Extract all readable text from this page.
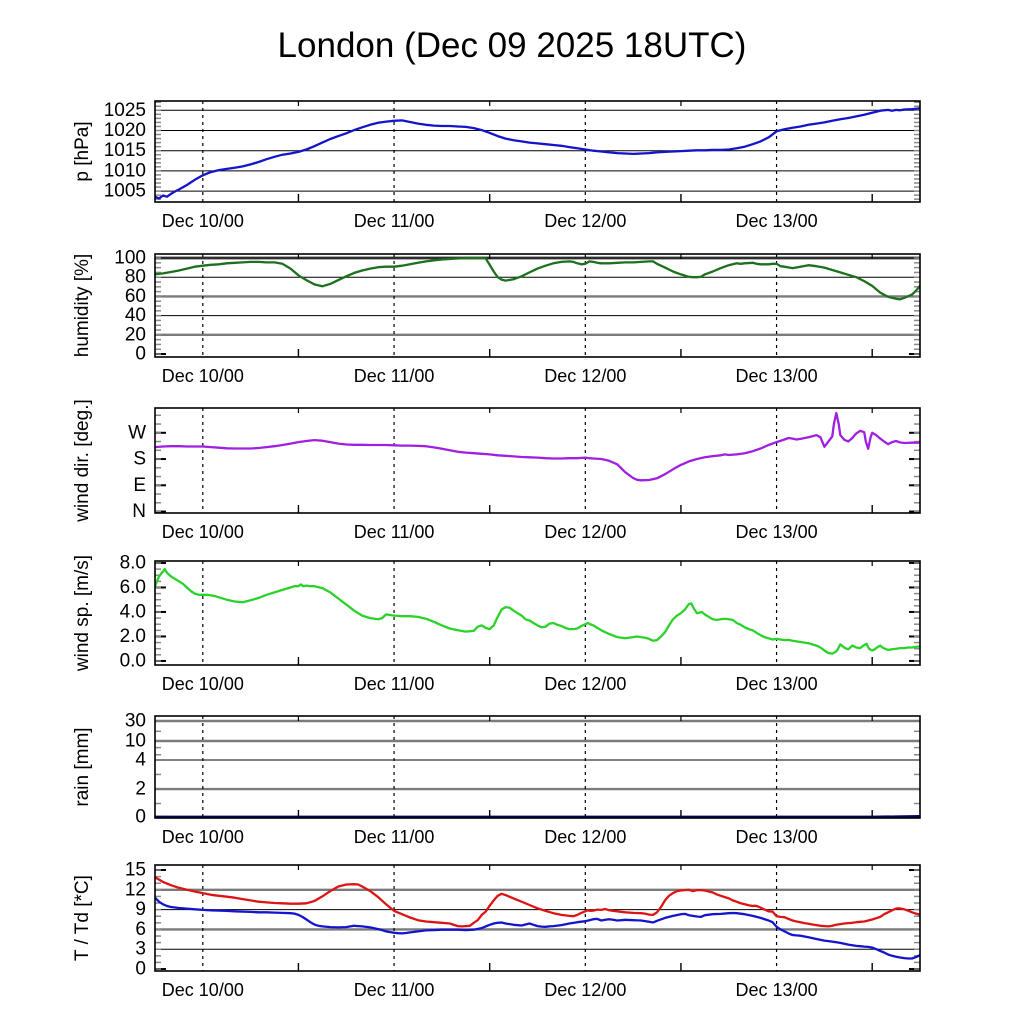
London (Dec 09 2025 18UTC)
1005
1010
1015
1020
1025
Dec 10/00	Dec 11/00	Dec 12/00	Dec 13/00
p [hPa]
0
20
40
60
80
100
Dec 10/00	Dec 11/00	Dec 12/00	Dec 13/00
humidity [%]
N
E
S
W
Dec 10/00	Dec 11/00	Dec 12/00	Dec 13/00
wind dir. [deg.]
0.0
2.0
4.0
6.0
8.0
Dec 10/00	Dec 11/00	Dec 12/00	Dec 13/00
wind sp. [m/s]
0
2
4
10
30
Dec 10/00	Dec 11/00	Dec 12/00	Dec 13/00
rain [mm]
0
3
6
9
12
15
Dec 10/00	Dec 11/00	Dec 12/00	Dec 13/00
T / Td [*C]
